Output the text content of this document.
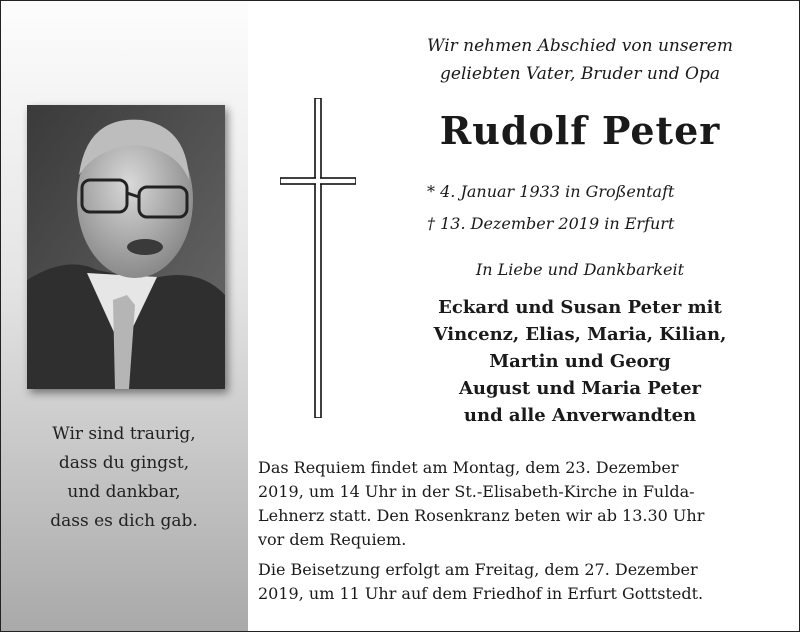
Wir sind traurig,
dass du gingst,
und dankbar,
dass es dich gab.
Wir nehmen Abschied von unserem
geliebten Vater, Bruder und Opa
Rudolf Peter
* 4. Januar 1933 in Großentaft
† 13. Dezember 2019 in Erfurt
In Liebe und Dankbarkeit
Eckard und Susan Peter mit
Vincenz, Elias, Maria, Kilian,
Martin und Georg
August und Maria Peter
und alle Anverwandten
Das Requiem findet am Montag, dem 23. Dezember
2019, um 14 Uhr in der St.-Elisabeth-Kirche in Fulda-
Lehnerz statt. Den Rosenkranz beten wir ab 13.30 Uhr
vor dem Requiem.
Die Beisetzung erfolgt am Freitag, dem 27. Dezember
2019, um 11 Uhr auf dem Friedhof in Erfurt Gottstedt.
